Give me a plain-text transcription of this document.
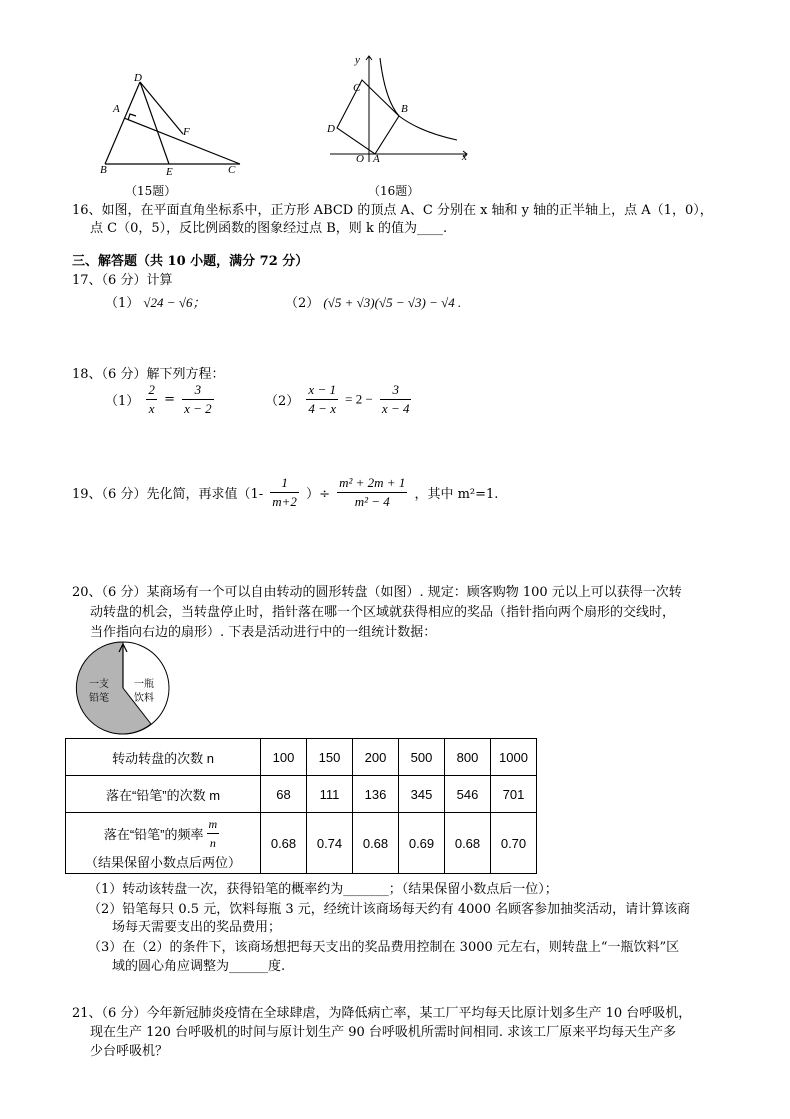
D
A
F
B	E	C
（15题）
y
C
B
D
O A	x
（16题）
16、如图，在平面直角坐标系中，正方形 ABCD 的顶点 A、C 分别在 x 轴和 y 轴的正半轴上，点 A（1，0），
点 C（0，5），反比例函数的图象经过点 B，则 k 的值为____.
三、解答题（共 10 小题，满分 72 分）
17、（6 分）计算
（1） √24 − √6；	（2） (√5 + √3)(√5 − √3) − √4 .
18、（6 分）解下列方程：
$(1) \frac{2}{x} = \frac{3}{x - 2}$	$(2) \frac{x - 1}{4 - x} = 2 - \frac{3}{x - 4}$
19、（6 分）先化简，再求值（$1- \frac{1}{m+2}$ ）÷ $\frac{\text{m² + 2m + 1}}{\text{m² − 4}}$ ，其中 m²=1.
20、（6 分）某商场有一个可以自由转动的圆形转盘（如图）. 规定：顾客购物 100 元以上可以获得一次转
动转盘的机会，当转盘停止时，指针落在哪一个区域就获得相应的奖品（指针指向两个扇形的交线时，
当作指向右边的扇形）. 下表是活动进行中的一组统计数据：
一支
铅笔
一瓶
饮料
转动转盘的次数 n	100	150	200	500	800	1000
落在“铅笔”的次数 m	68	111	136	345	546	701
落在“铅笔”的频率 $\frac{m}{n}$

（结果保留小数点后两位）	0.68	0.74	0.68	0.69	0.68	0.70
（1）转动该转盘一次，获得铅笔的概率约为_______；（结果保留小数点后一位）；
（2）铅笔每只 0.5 元，饮料每瓶 3 元，经统计该商场每天约有 4000 名顾客参加抽奖活动，请计算该商
场每天需要支出的奖品费用；
（3）在（2）的条件下，该商场想把每天支出的奖品费用控制在 3000 元左右，则转盘上“一瓶饮料”区
域的圆心角应调整为______度.
21、（6 分）今年新冠肺炎疫情在全球肆虐，为降低病亡率，某工厂平均每天比原计划多生产 10 台呼吸机，
现在生产 120 台呼吸机的时间与原计划生产 90 台呼吸机所需时间相同. 求该工厂原来平均每天生产多
少台呼吸机？
